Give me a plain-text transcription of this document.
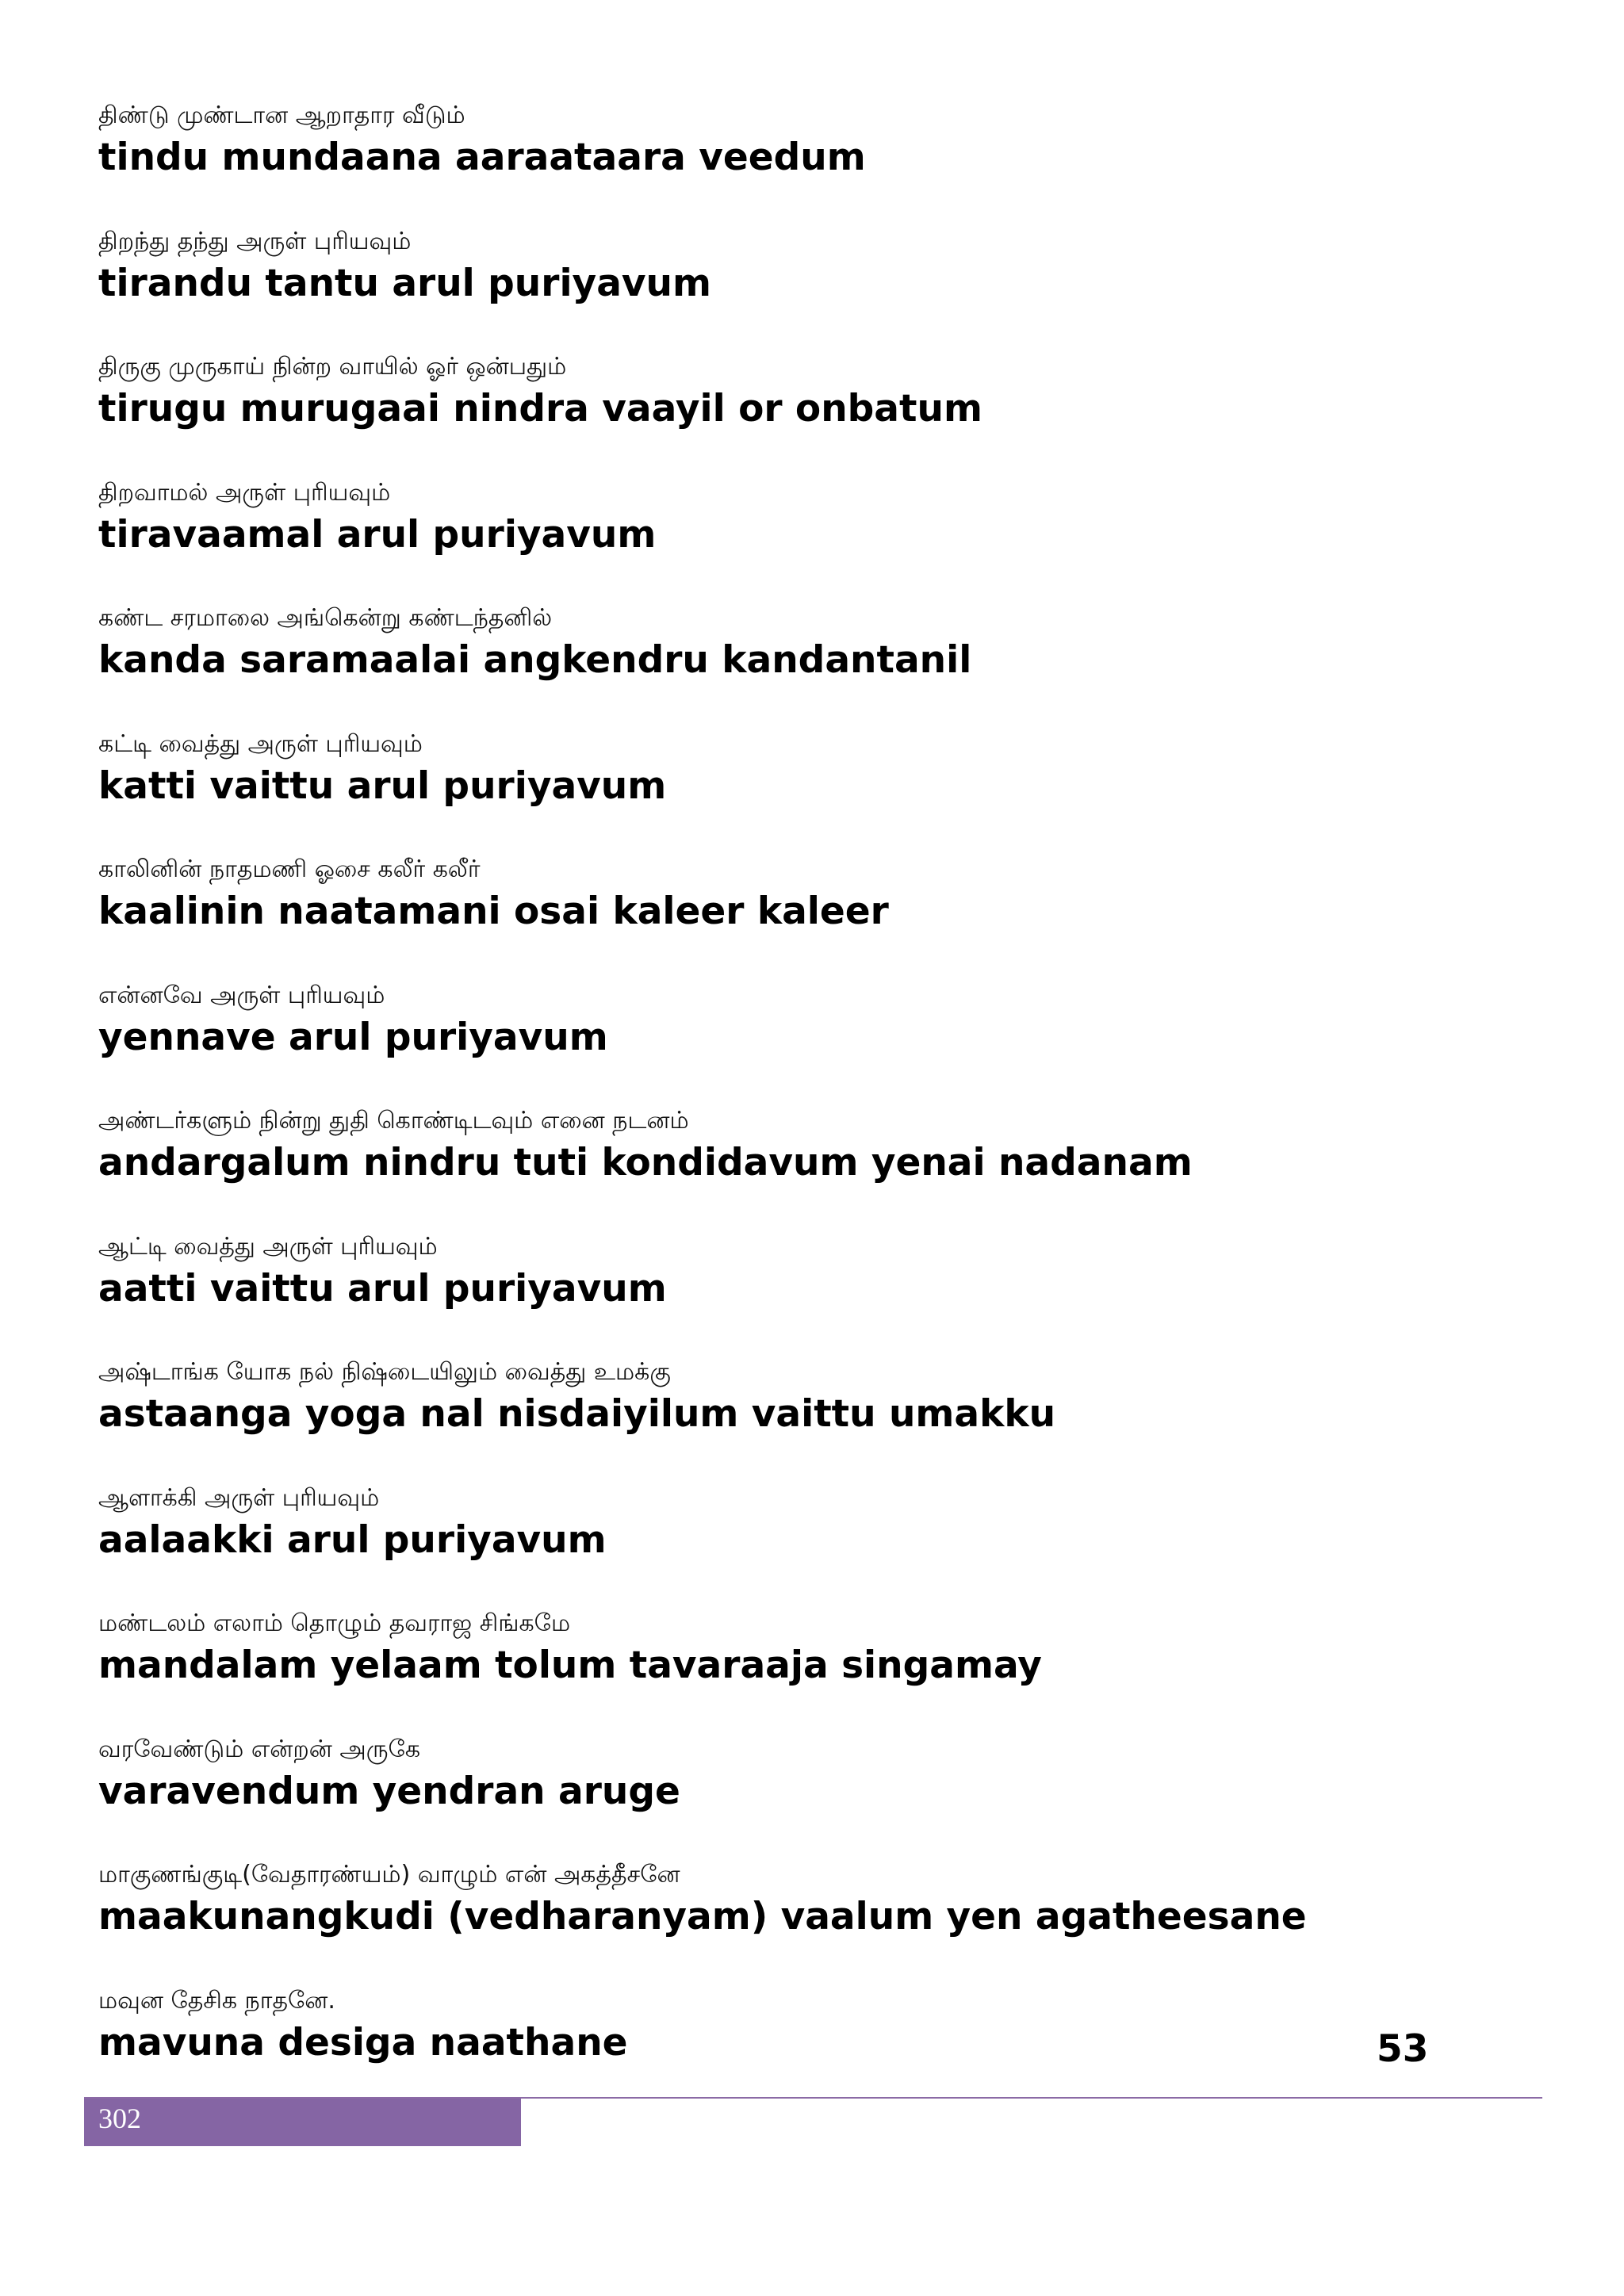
திண்டு முண்டான ஆறாதார வீடும்
tindu mundaana aaraataara veedum
திறந்து தந்து அருள் புரியவும்
tirandu tantu arul puriyavum
திருகு முருகாய் நின்ற வாயில் ஓர் ஒன்பதும்
tirugu murugaai nindra vaayil or onbatum
திறவாமல் அருள் புரியவும்
tiravaamal arul puriyavum
கண்ட சரமாலை அங்கென்று கண்டந்தனில்
kanda saramaalai angkendru kandantanil
கட்டி வைத்து அருள் புரியவும்
katti vaittu arul puriyavum
காலினின் நாதமணி ஓசை கலீர் கலீர்
kaalinin naatamani osai kaleer kaleer
என்னவே அருள் புரியவும்
yennave arul puriyavum
அண்டர்களும் நின்று துதி கொண்டிடவும் எனை நடனம்
andargalum nindru tuti kondidavum yenai nadanam
ஆட்டி வைத்து அருள் புரியவும்
aatti vaittu arul puriyavum
அஷ்டாங்க யோக நல் நிஷ்டையிலும் வைத்து உமக்கு
astaanga yoga nal nisdaiyilum vaittu umakku
ஆளாக்கி அருள் புரியவும்
aalaakki arul puriyavum
மண்டலம் எலாம் தொழும் தவராஜ சிங்கமே
mandalam yelaam tolum tavaraaja singamay
வரவேண்டும் என்றன் அருகே
varavendum yendran aruge
மாகுணங்குடி(வேதாரண்யம்) வாழும் என் அகத்தீசனே
maakunangkudi (vedharanyam) vaalum yen agatheesane
மவுன தேசிக நாதனே.
mavuna desiga naathane	53
302
